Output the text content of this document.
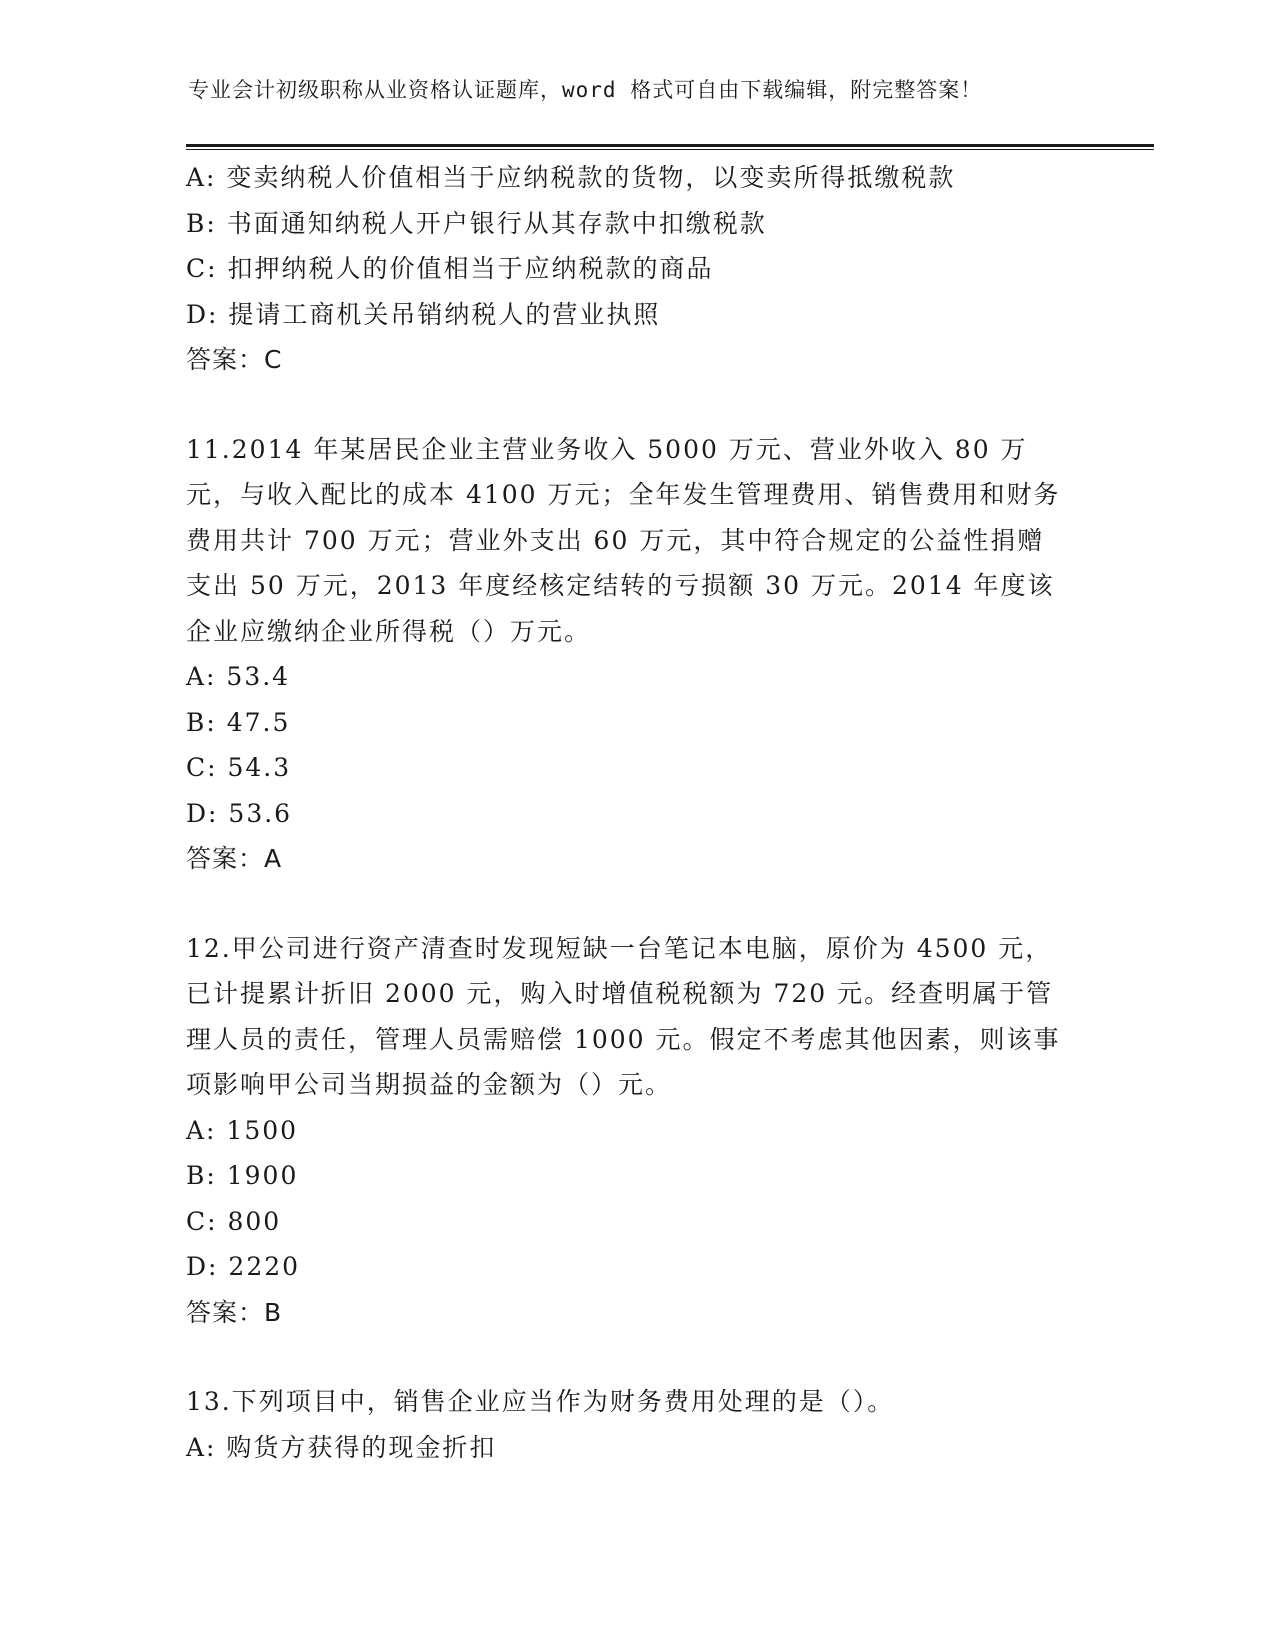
专业会计初级职称从业资格认证题库，word 格式可自由下载编辑，附完整答案！
A: 变卖纳税人价值相当于应纳税款的货物，以变卖所得抵缴税款
B: 书面通知纳税人开户银行从其存款中扣缴税款
C: 扣押纳税人的价值相当于应纳税款的商品
D: 提请工商机关吊销纳税人的营业执照
答案：C
11.2014 年某居民企业主营业务收入 5000 万元、营业外收入 80 万元，与收入配比的成本 4100 万元；全年发生管理费用、销售费用和财务费用共计 700 万元；营业外支出 60 万元，其中符合规定的公益性捐赠支出 50 万元，2013 年度经核定结转的亏损额 30 万元。2014 年度该企业应缴纳企业所得税（）万元。
A: 53.4
B: 47.5
C: 54.3
D: 53.6
答案：A
12.甲公司进行资产清查时发现短缺一台笔记本电脑，原价为 4500 元，已计提累计折旧 2000 元，购入时增值税税额为 720 元。经查明属于管理人员的责任，管理人员需赔偿 1000 元。假定不考虑其他因素，则该事项影响甲公司当期损益的金额为（）元。
A: 1500
B: 1900
C: 800
D: 2220
答案：B
13.下列项目中，销售企业应当作为财务费用处理的是（）。
A: 购货方获得的现金折扣
